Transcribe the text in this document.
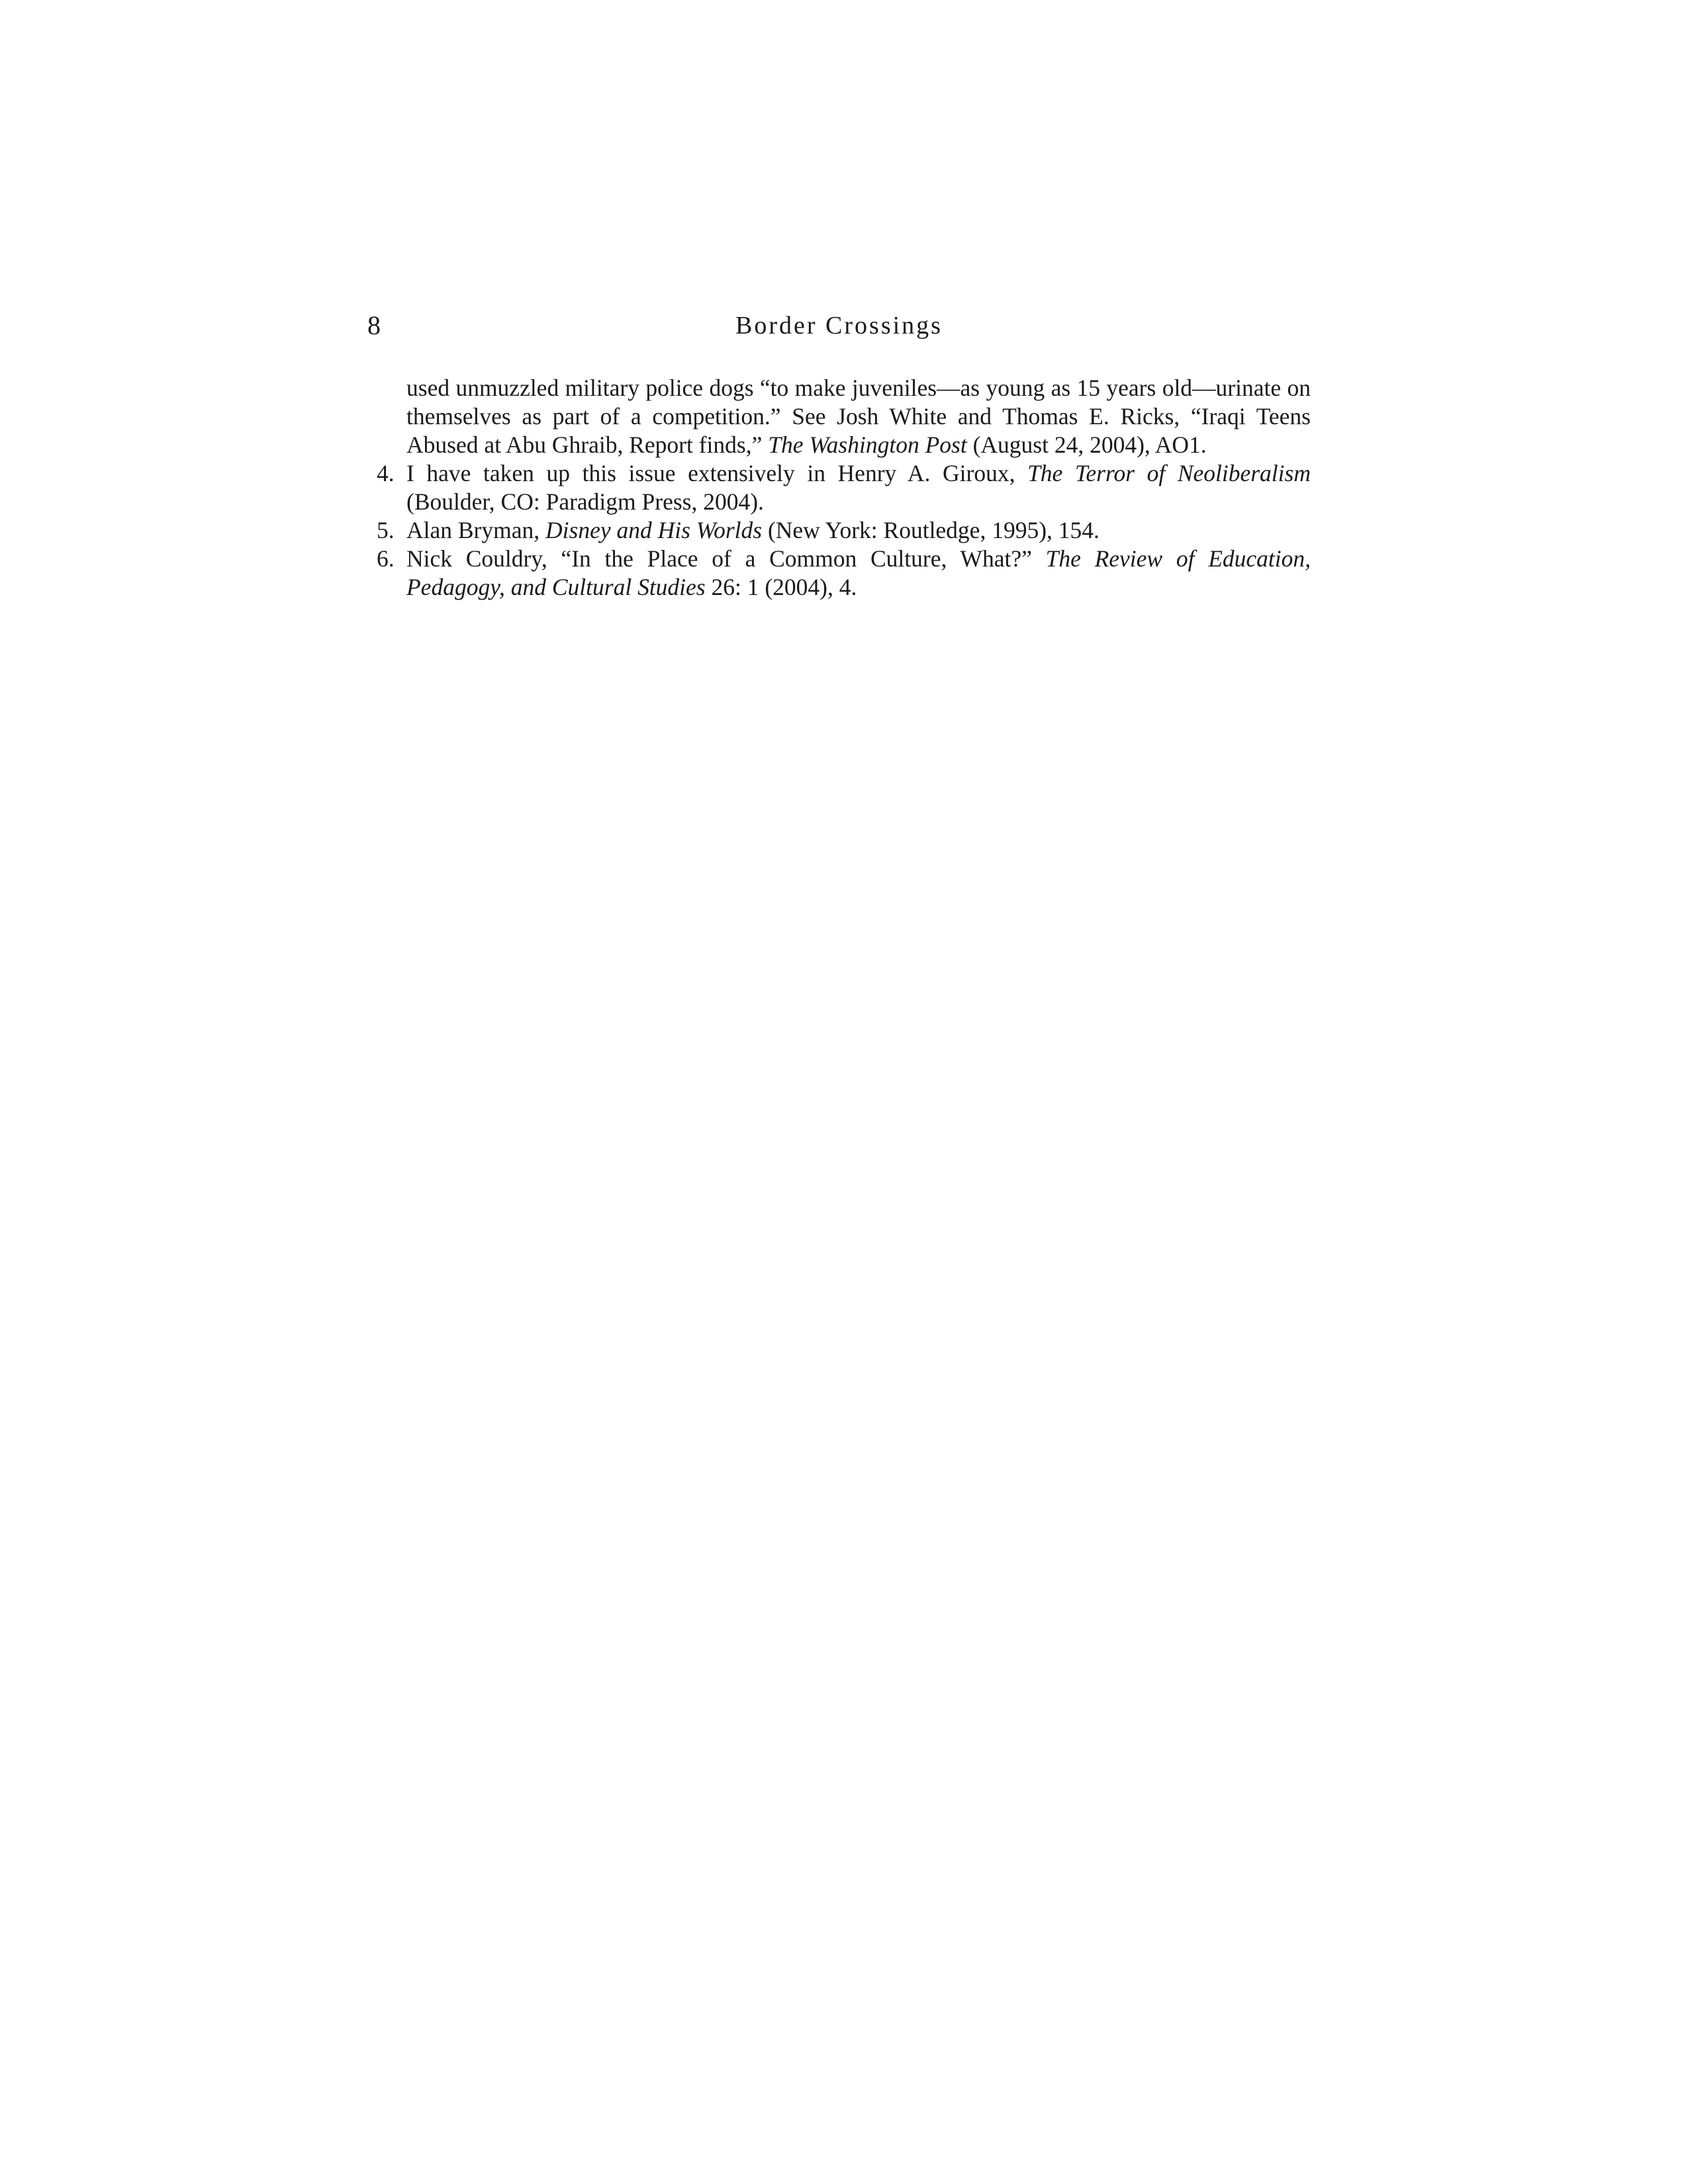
8	Border Crossings
used unmuzzled military police dogs “to make juveniles—as young as 15 years old—urinate on themselves as part of a competition.” See Josh White and Thomas E. Ricks, “Iraqi Teens Abused at Abu Ghraib, Report finds,” The Washington Post (August 24, 2004), AO1.
4. I have taken up this issue extensively in Henry A. Giroux, The Terror of Neoliberalism (Boulder, CO: Paradigm Press, 2004).
5. Alan Bryman, Disney and His Worlds (New York: Routledge, 1995), 154.
6. Nick Couldry, “In the Place of a Common Culture, What?” The Review of Education, Pedagogy, and Cultural Studies 26: 1 (2004), 4.
